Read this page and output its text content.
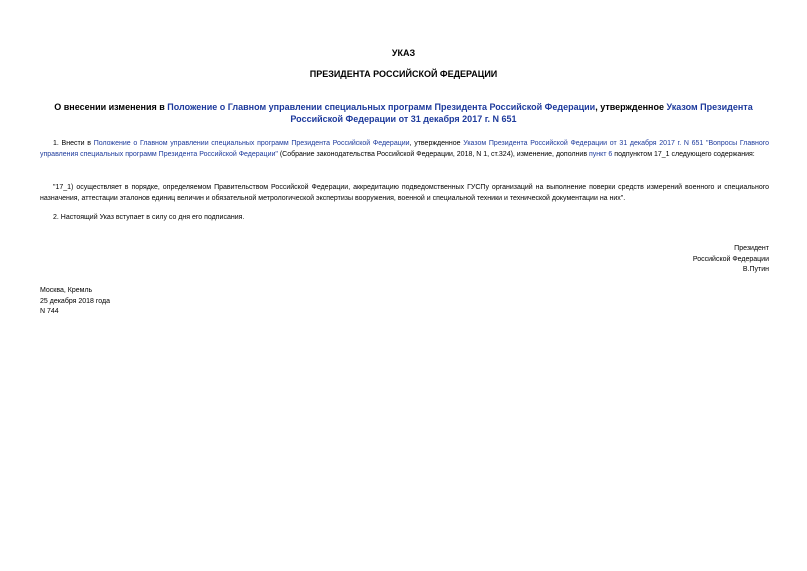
УКАЗ
ПРЕЗИДЕНТА РОССИЙСКОЙ ФЕДЕРАЦИИ
О внесении изменения в Положение о Главном управлении специальных программ Президента Российской Федерации, утвержденное Указом Президента Российской Федерации от 31 декабря 2017 г. N 651
1. Внести в Положение о Главном управлении специальных программ Президента Российской Федерации, утвержденное Указом Президента Российской Федерации от 31 декабря 2017 г. N 651 "Вопросы Главного управления специальных программ Президента Российской Федерации" (Собрание законодательства Российской Федерации, 2018, N 1, ст.324), изменение, дополнив пункт 6 подпунктом 17_1 следующего содержания:
"17_1) осуществляет в порядке, определяемом Правительством Российской Федерации, аккредитацию подведомственных ГУСПу организаций на выполнение поверки средств измерений военного и специального назначения, аттестации эталонов единиц величин и обязательной метрологической экспертизы вооружения, военной и специальной техники и технической документации на них".
2. Настоящий Указ вступает в силу со дня его подписания.
Президент
Российской Федерации
В.Путин
Москва, Кремль
25 декабря 2018 года
N 744
